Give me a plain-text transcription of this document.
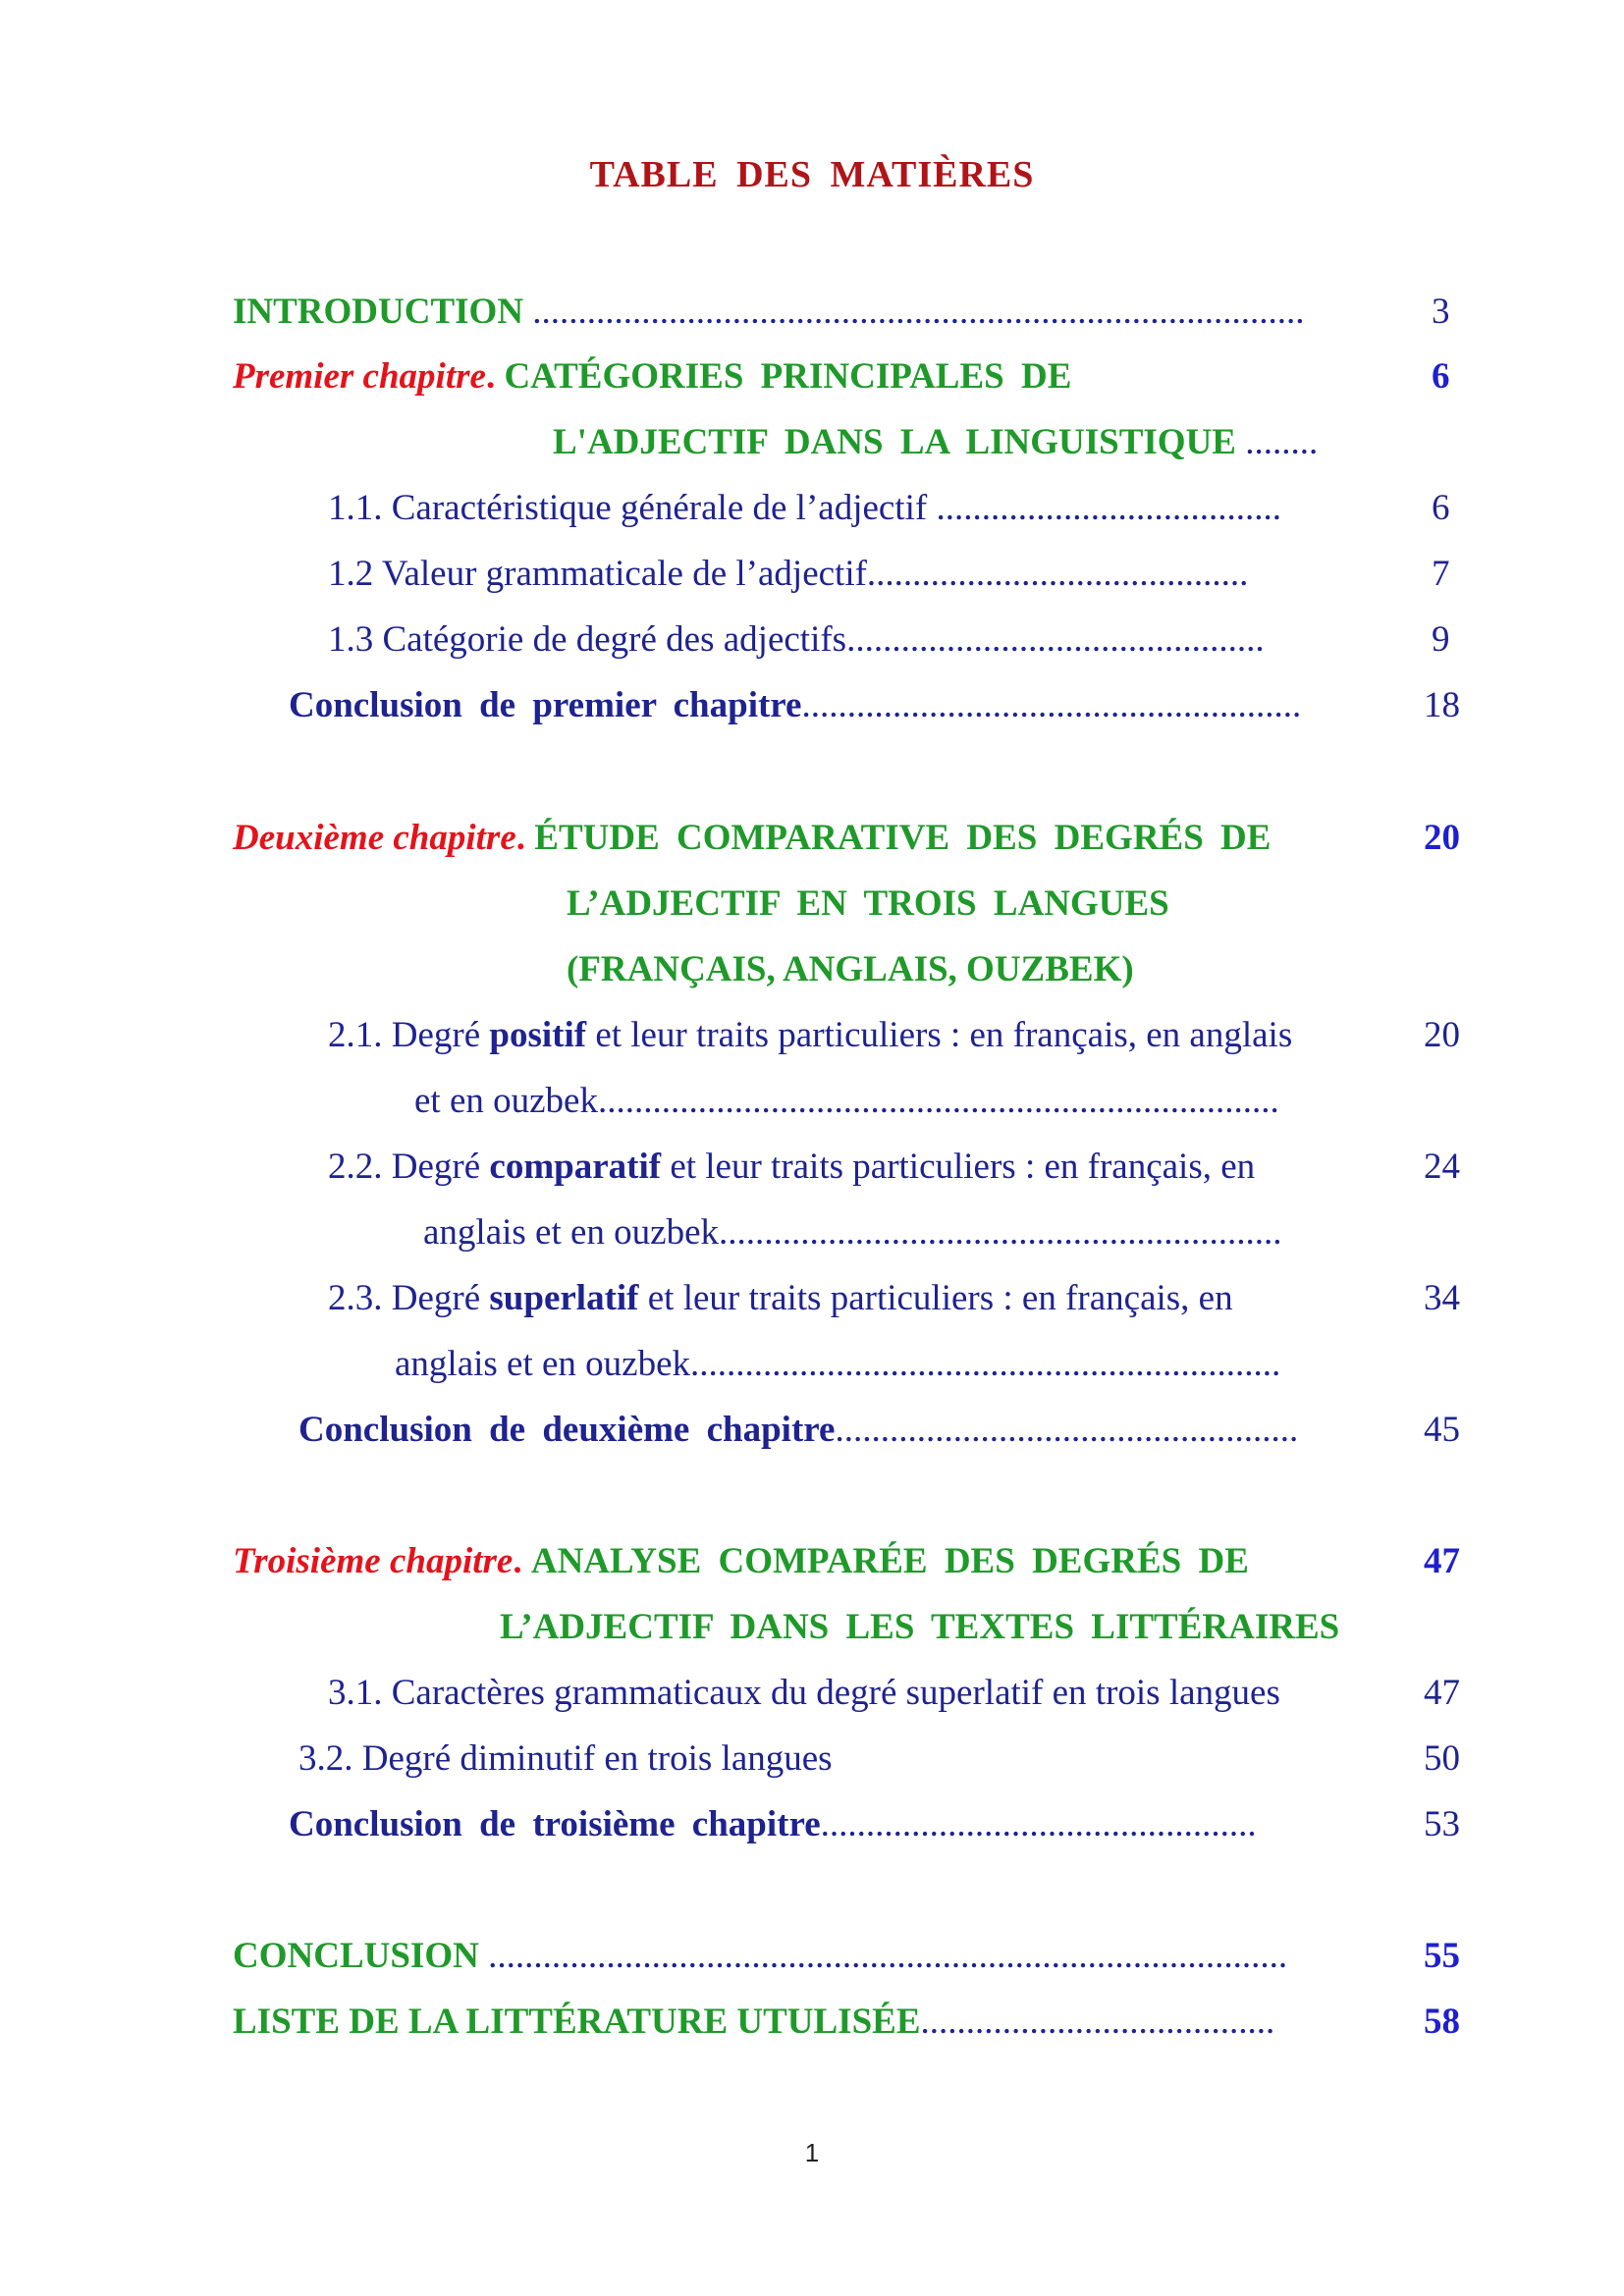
TABLE DES MATIÈRES
INTRODUCTION .....................................................................................	3
Premier chapitre. CATÉGORIES PRINCIPALES DE	6
L'ADJECTIF DANS LA LINGUISTIQUE ........
1.1. Caractéristique générale de l’adjectif ......................................	6
1.2 Valeur grammaticale de l’adjectif..........................................	7
1.3 Catégorie de degré des adjectifs..............................................	9
Conclusion de premier chapitre.......................................................	18
Deuxième chapitre. ÉTUDE COMPARATIVE DES DEGRÉS DE	20
L’ADJECTIF EN TROIS LANGUES
(FRANÇAIS, ANGLAIS, OUZBEK)
2.1. Degré positif et leur traits particuliers : en français, en anglais	20
et en ouzbek...........................................................................
2.2. Degré comparatif et leur traits particuliers : en français, en	24
anglais et en ouzbek..............................................................
2.3. Degré superlatif et leur traits particuliers : en français, en	34
anglais et en ouzbek.................................................................
Conclusion de deuxième chapitre...................................................	45
Troisième chapitre. ANALYSE COMPARÉE DES DEGRÉS DE	47
L’ADJECTIF DANS LES TEXTES LITTÉRAIRES
3.1. Caractères grammaticaux du degré superlatif en trois langues	47
3.2. Degré diminutif en trois langues	50
Conclusion de troisième chapitre................................................	53
CONCLUSION ........................................................................................	55
LISTE DE LA LITTÉRATURE UTULISÉE.......................................	58
1
